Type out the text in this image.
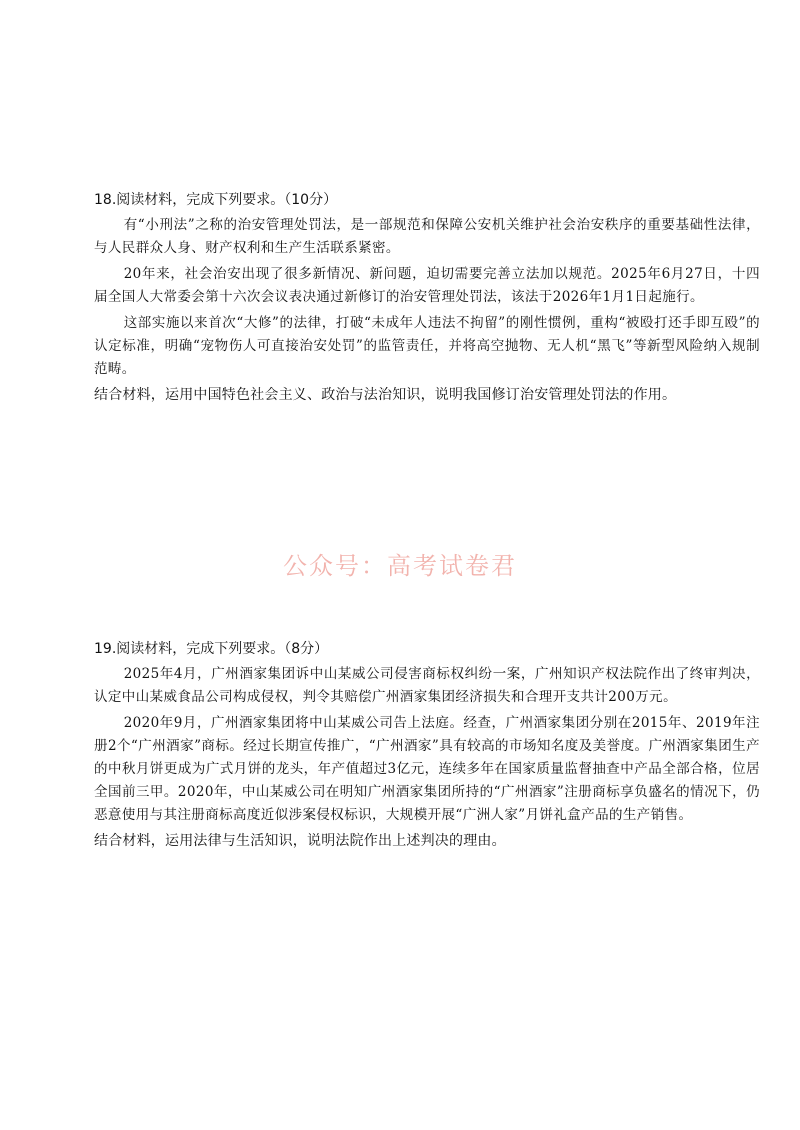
18.阅读材料，完成下列要求。（10分）

有“小刑法”之称的治安管理处罚法，是一部规范和保障公安机关维护社会治安秩序的重要基础性法律，与人民群众人身、财产权利和生产生活联系紧密。

20年来，社会治安出现了很多新情况、新问题，迫切需要完善立法加以规范。2025年6月27日，十四届全国人大常委会第十六次会议表决通过新修订的治安管理处罚法，该法于2026年1月1日起施行。

这部实施以来首次“大修”的法律，打破“未成年人违法不拘留”的刚性惯例，重构“被殴打还手即互殴”的认定标准，明确“宠物伤人可直接治安处罚”的监管责任，并将高空抛物、无人机“黑飞”等新型风险纳入规制范畴。

结合材料，运用中国特色社会主义、政治与法治知识，说明我国修订治安管理处罚法的作用。

公众号：高考试卷君
19.阅读材料，完成下列要求。（8分）

2025年4月，广州酒家集团诉中山某威公司侵害商标权纠纷一案，广州知识产权法院作出了终审判决，认定中山某威食品公司构成侵权，判令其赔偿广州酒家集团经济损失和合理开支共计200万元。

2020年9月，广州酒家集团将中山某威公司告上法庭。经查，广州酒家集团分别在2015年、2019年注册2个“广州酒家”商标。经过长期宣传推广，“广州酒家”具有较高的市场知名度及美誉度。广州酒家集团生产的中秋月饼更成为广式月饼的龙头，年产值超过3亿元，连续多年在国家质量监督抽查中产品全部合格，位居全国前三甲。2020年，中山某威公司在明知广州酒家集团所持的“广州酒家”注册商标享负盛名的情况下，仍恶意使用与其注册商标高度近似涉案侵权标识，大规模开展“广洲人家”月饼礼盒产品的生产销售。

结合材料，运用法律与生活知识，说明法院作出上述判决的理由。
